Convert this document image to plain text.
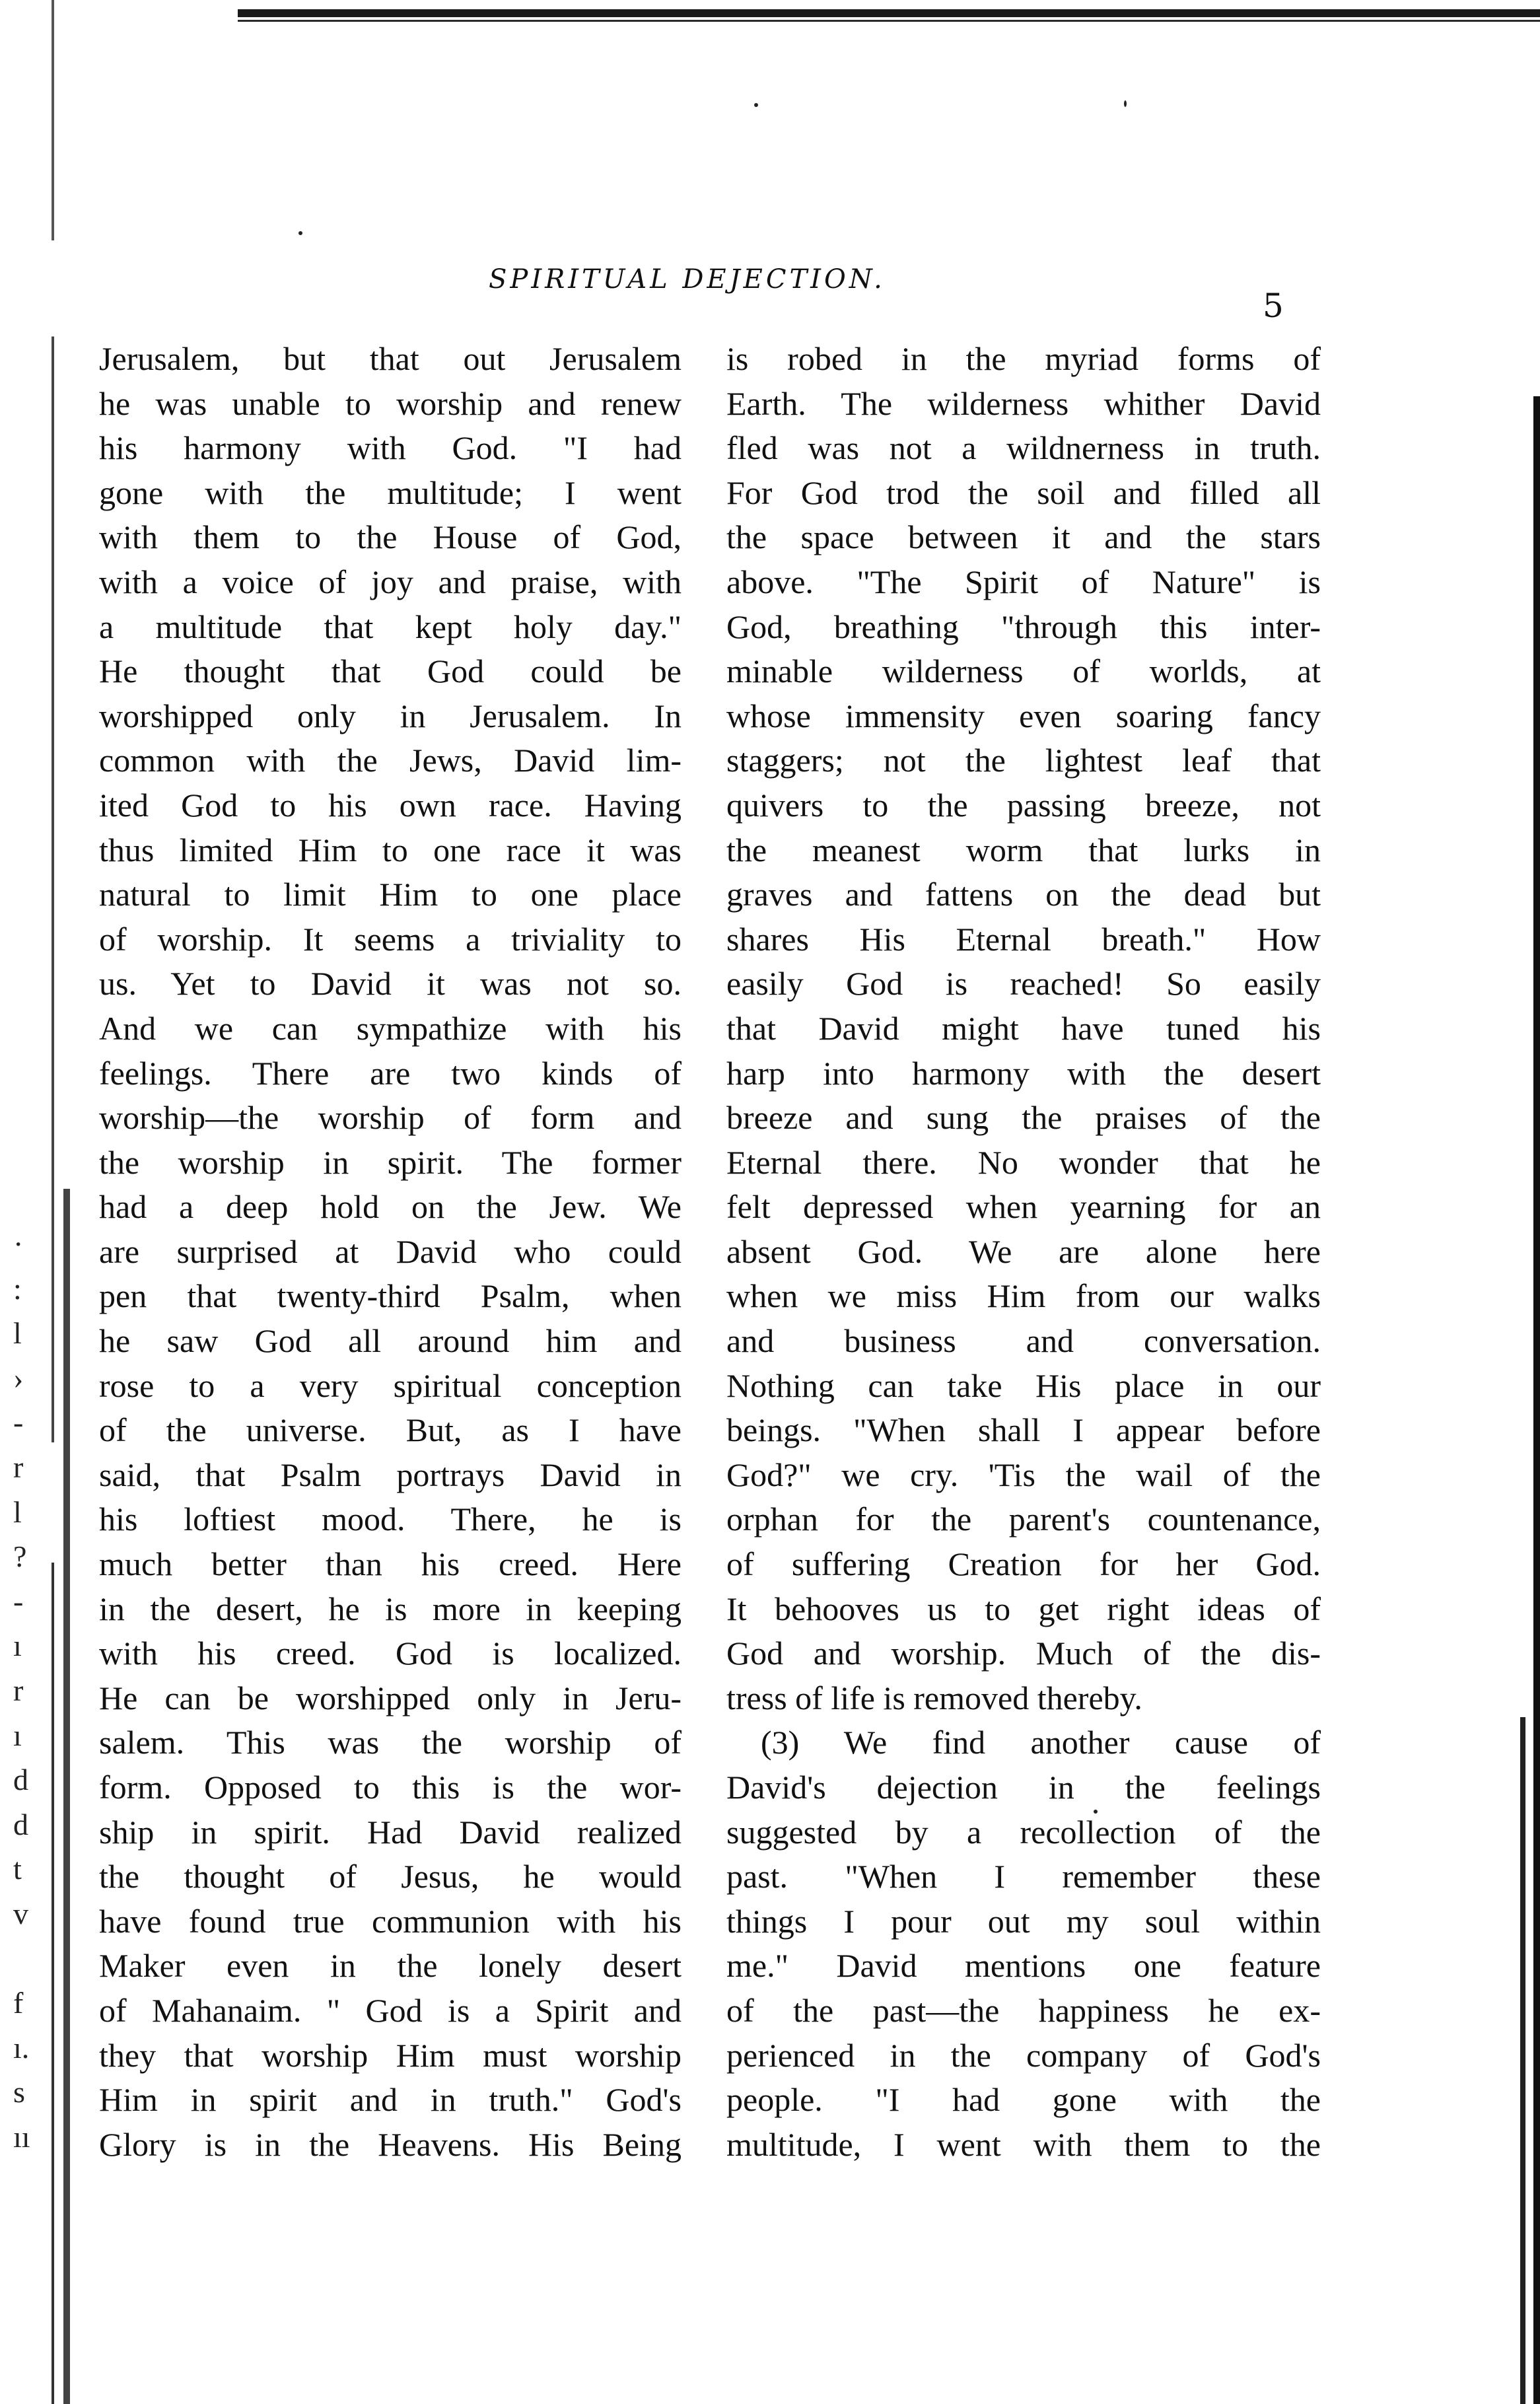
SPIRITUAL DEJECTION.
5
·
:
l
›
-
r
l
?
-
ı
r
ı
d
d
t
v
f
ı.
s
ıı
Jerusalem, but that out Jerusalem
he was unable to worship and renew
his harmony with God. "I had
gone with the multitude; I went
with them to the House of God,
with a voice of joy and praise, with
a multitude that kept holy day."
He thought that God could be
worshipped only in Jerusalem. In
common with the Jews, David lim-
ited God to his own race. Having
thus limited Him to one race it was
natural to limit Him to one place
of worship. It seems a triviality to
us. Yet to David it was not so.
And we can sympathize with his
feelings. There are two kinds of
worship—the worship of form and
the worship in spirit. The former
had a deep hold on the Jew. We
are surprised at David who could
pen that twenty-third Psalm, when
he saw God all around him and
rose to a very spiritual conception
of the universe. But, as I have
said, that Psalm portrays David in
his loftiest mood. There, he is
much better than his creed. Here
in the desert, he is more in keeping
with his creed. God is localized.
He can be worshipped only in Jeru-
salem. This was the worship of
form. Opposed to this is the wor-
ship in spirit. Had David realized
the thought of Jesus, he would
have found true communion with his
Maker even in the lonely desert
of Mahanaim. " God is a Spirit and
they that worship Him must worship
Him in spirit and in truth." God's
Glory is in the Heavens. His Being
is robed in the myriad forms of
Earth. The wilderness whither David
fled was not a wildnerness in truth.
For God trod the soil and filled all
the space between it and the stars
above. "The Spirit of Nature" is
God, breathing "through this inter-
minable wilderness of worlds, at
whose immensity even soaring fancy
staggers; not the lightest leaf that
quivers to the passing breeze, not
the meanest worm that lurks in
graves and fattens on the dead but
shares His Eternal breath." How
easily God is reached! So easily
that David might have tuned his
harp into harmony with the desert
breeze and sung the praises of the
Eternal there. No wonder that he
felt depressed when yearning for an
absent God. We are alone here
when we miss Him from our walks
and business and conversation.
Nothing can take His place in our
beings. "When shall I appear before
God?" we cry. 'Tis the wail of the
orphan for the parent's countenance,
of suffering Creation for her God.
It behooves us to get right ideas of
God and worship. Much of the dis-
tress of life is removed thereby.
(3) We find another cause of
David's dejection in the feelings
suggested by a recollection of the
past. "When I remember these
things I pour out my soul within
me." David mentions one feature
of the past—the happiness he ex-
perienced in the company of God's
people. "I had gone with the
multitude, I went with them to the
